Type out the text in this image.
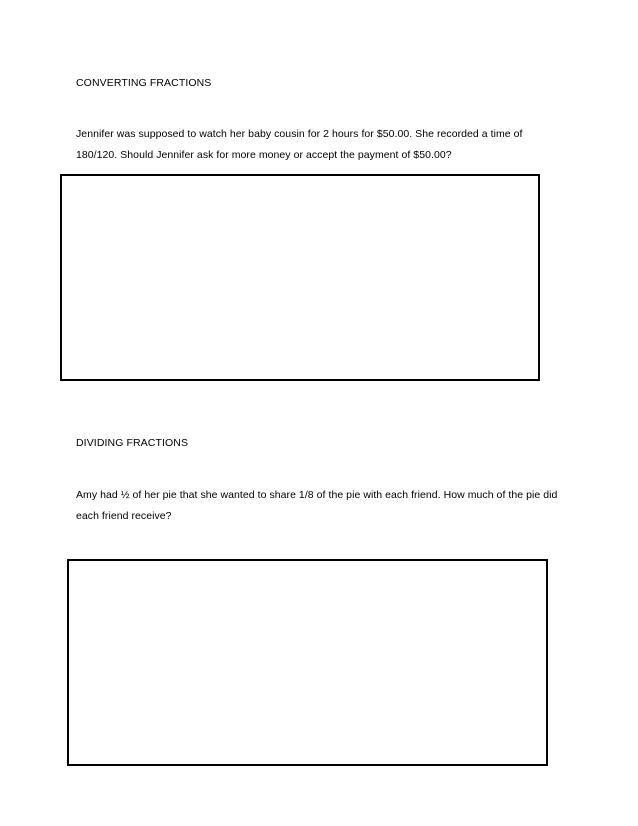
CONVERTING FRACTIONS
Jennifer was supposed to watch her baby cousin for 2 hours for $50.00. She recorded a time of
180/120. Should Jennifer ask for more money or accept the payment of $50.00?
DIVIDING FRACTIONS
Amy had ½ of her pie that she wanted to share 1/8 of the pie with each friend. How much of the pie did
each friend receive?
